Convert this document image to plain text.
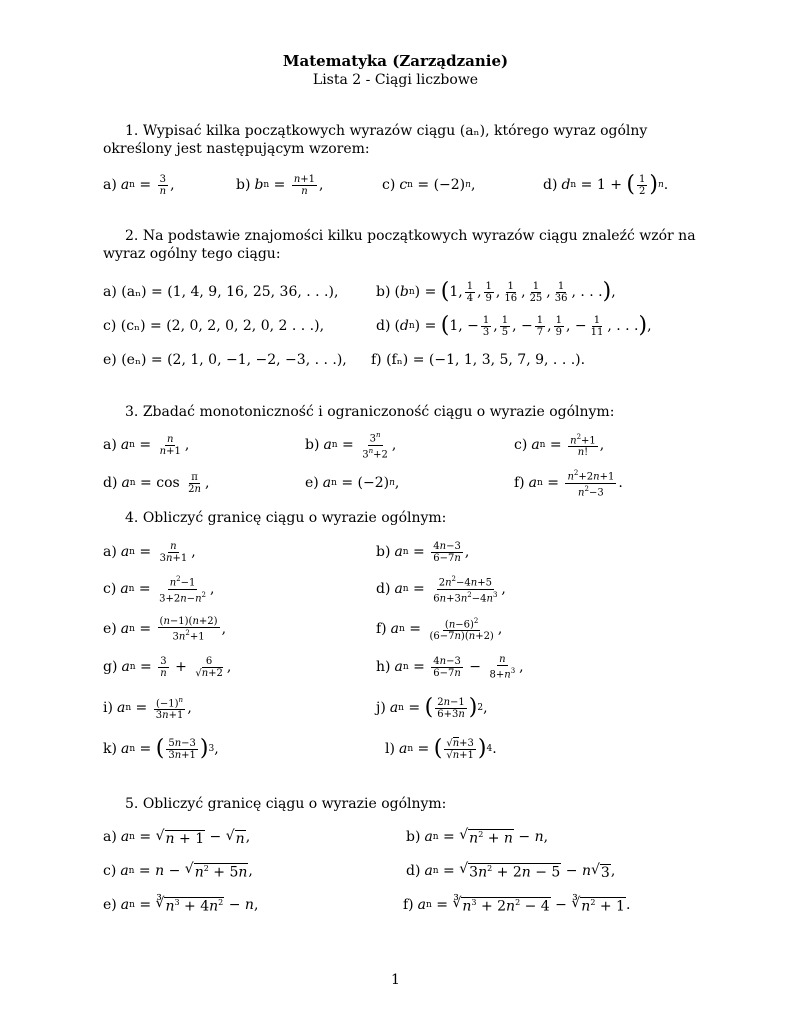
Matematyka (Zarządzanie)
Lista 2 - Ciągi liczbowe
1. Wypisać kilka początkowych wyrazów ciągu (aₙ), którego wyraz ogólny określony jest następującym wzorem:
a) a $n = \frac{3}{n}$ ,	b) b $n = \frac{n+1}{n}$ ,	c) c n = (−2) n ,	d) d n = 1 + ( $\frac{1}{2}$ ) n .
2. Na podstawie znajomości kilku początkowych wyrazów ciągu znaleźć wzór na wyraz ogólny tego ciągu:
a) (aₙ) = (1, 4, 9, 16, 25, 36, . . .),	b) ( b n ) = ( 1, $\frac{1}{4}$ , $\frac{1}{9}$ , $\frac{1}{16}$ , $\frac{1}{25}$ , $\frac{1}{36}$ , . . . ) ,
c) (cₙ) = (2, 0, 2, 0, 2, 0, 2 . . .),	d) ( d n ) = ( 1, − $\frac{1}{3}$ , $\frac{1}{5}$ , − $\frac{1}{7}$ , $\frac{1}{9}$ , − $\frac{1}{11}$ , . . . ) ,
e) (eₙ) = (2, 1, 0, −1, −2, −3, . . .), f) (fₙ) = (−1, 1, 3, 5, 7, 9, . . .).
3. Zbadać monotoniczność i ograniczoność ciągu o wyrazie ogólnym:
a) a $n = \frac{n}{n+1}$ ,	b) a $n = \frac{3^n}{3^n+2}$ ,	c) a $n = \frac{n^2+1}{n!}$ ,
d) a $n = \cos \frac{\pi}{2n}$ ,	e) a n = (−2) n ,	f) a $n = \frac{n^2+2n+1}{n^2-3}$ .
4. Obliczyć granicę ciągu o wyrazie ogólnym:
a) a $n = \frac{n}{3n+1}$ ,	b) a $n = \frac{4n-3}{6-7n}$ ,
c) a $n = \frac{n^2-1}{3+2n-n^2}$ ,	d) a $n = \frac{2n^2-4n+5}{6n+3n^2-4n^3}$ ,
e) a $n = \frac{(n-1)(n+2)}{3n^2+1}$ ,	f) a $n = \frac{(n-6)^2}{(6-7n)(n+2)}$ ,
g) a $n = \frac{3}{n} + \frac{6}{√n+2}$ ,	h) a $n = \frac{4n-3}{6-7n} - \frac{n}{8+n^3}$ ,
i) a $n = \frac{(-1)^n}{3n+1}$ ,	j) a n = ( $\frac{2n-1}{6+3n}$ ) 2 ,
k) a n = ( $\frac{5n-3}{3n+1}$ ) 3 ,	l) a n = ( $\frac{√n+3}{√n+1}$ ) 4 .
5. Obliczyć granicę ciągu o wyrazie ogólnym:
a) a n = √ n + 1 − √ n ,	b) a n = √ $n^2 + n - n$ ,
c) a n = n − √ $n^2 + 5n$ ,	d) a n = √ $3n^2 + 2n - 5 - n$ √ 3 ,
e) a n = ∛ $n^3 + 4n^2 - n$ ,	f) a n = ∛ $n^3 + 2n^2 - 4$ − ∛ $n^2 + 1$ .
1
